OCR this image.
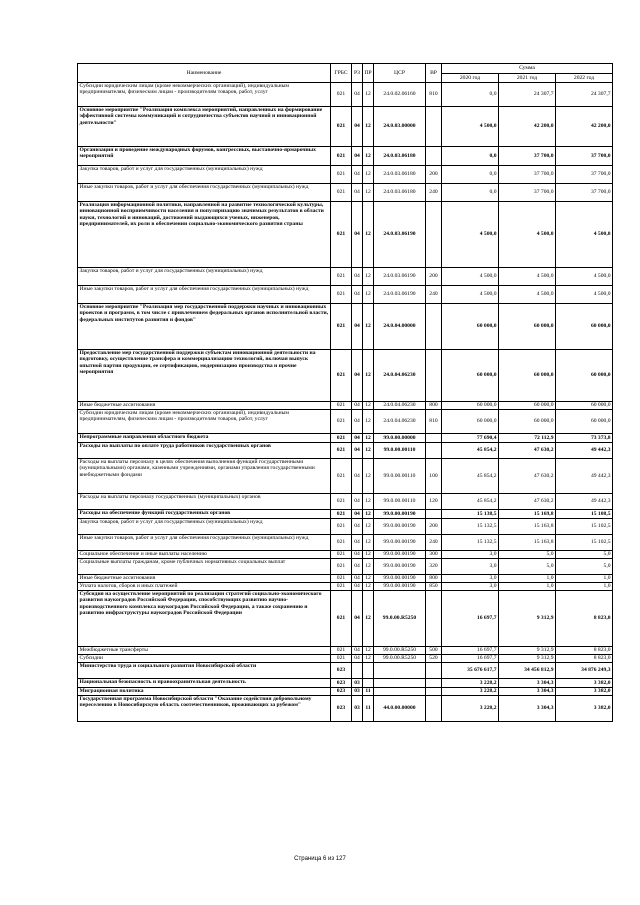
Наименование	ГРБС	РЗ	ПР	ЦСР	ВР	Сумма		
						2020 год	2021 год	2022 год
Субсидии юридическим лицам (кроме некоммерческих организаций), индивидуальным предпринимателям, физическим лицам - производителям товаров, работ, услуг	021	04	12	24.0.02.06160	810	0,0	24 307,7	24 307,7
Основное мероприятие "Реализация комплекса мероприятий, направленных на формирование эффективной системы коммуникаций и сотрудничества субъектов научной и инновационной деятельности"	021	04	12	24.0.03.00000		4 500,0	42 200,0	42 200,0
Организация и проведение международных форумов, конгрессных, выставочно-ярмарочных мероприятий	021	04	12	24.0.03.06180		0,0	37 700,0	37 700,0
Закупка товаров, работ и услуг для государственных (муниципальных) нужд	021	04	12	24.0.03.06180	200	0,0	37 700,0	37 700,0
Иные закупки товаров, работ и услуг для обеспечения государственных (муниципальных) нужд	021	04	12	24.0.03.06180	240	0,0	37 700,0	37 700,0
Реализация информационной политики, направленной на развитие технологической культуры, инновационной восприимчивости населения и популяризацию значимых результатов в области науки, технологий и инноваций, достижений выдающихся ученых, инженеров, предпринимателей, их роли в обеспечении социально-экономического развития страны	021	04	12	24.0.03.06190		4 500,0	4 500,0	4 500,0
Закупка товаров, работ и услуг для государственных (муниципальных) нужд	021	04	12	24.0.03.06190	200	4 500,0	4 500,0	4 500,0
Иные закупки товаров, работ и услуг для обеспечения государственных (муниципальных) нужд	021	04	12	24.0.03.06190	240	4 500,0	4 500,0	4 500,0
Основное мероприятие "Реализация мер государственной поддержки научных и инновационных проектов и программ, в том числе с привлечением федеральных органов исполнительной власти, федеральных институтов развития и фондов"	021	04	12	24.0.04.00000		60 000,0	60 000,0	60 000,0
Предоставление мер государственной поддержки субъектам инновационной деятельности на подготовку, осуществление трансфера и коммерциализацию технологий, включая выпуск опытной партии продукции, ее сертификацию, модернизацию производства и прочие мероприятия	021	04	12	24.0.04.06230		60 000,0	60 000,0	60 000,0
Иные бюджетные ассигнования	021	04	12	24.0.04.06230	800	60 000,0	60 000,0	60 000,0
Субсидии юридическим лицам (кроме некоммерческих организаций), индивидуальным предпринимателям, физическим лицам - производителям товаров, работ, услуг	021	04	12	24.0.04.06230	810	60 000,0	60 000,0	60 000,0
Непрограммные направления областного бюджета	021	04	12	99.0.00.00000		77 690,4	72 112,9	73 373,8
Расходы на выплаты по оплате труда работников государственных органов	021	04	12	99.0.00.00110		45 854,2	47 630,2	49 442,3
Расходы на выплаты персоналу в целях обеспечения выполнения функций государственными (муниципальными) органами, казенными учреждениями, органами управления государственными внебюджетными фондами	021	04	12	99.0.00.00110	100	45 854,2	47 630,2	49 442,3
Расходы на выплаты персоналу государственных (муниципальных) органов	021	04	12	99.0.00.00110	120	45 854,2	47 630,2	49 442,3
Расходы на обеспечение функций государственных органов	021	04	12	99.0.00.00190		15 138,5	15 169,8	15 108,5
Закупка товаров, работ и услуг для государственных (муниципальных) нужд	021	04	12	99.0.00.00190	200	15 132,5	15 163,8	15 102,5
Иные закупки товаров, работ и услуг для обеспечения государственных (муниципальных) нужд	021	04	12	99.0.00.00190	240	15 132,5	15 163,8	15 102,5
Социальное обеспечение и иные выплаты населению	021	04	12	99.0.00.00190	300	3,0	5,0	5,0
Социальные выплаты гражданам, кроме публичных нормативных социальных выплат	021	04	12	99.0.00.00190	320	3,0	5,0	5,0
Иные бюджетные ассигнования	021	04	12	99.0.00.00190	800	3,0	1,0	1,0
Уплата налогов, сборов и иных платежей	021	04	12	99.0.00.00190	850	3,0	1,0	1,0
Субсидия на осуществление мероприятий по реализации стратегий социально-экономического развития наукоградов Российской Федерации, способствующих развитию научно-производственного комплекса наукоградов Российской Федерации, а также сохранению и развитию инфраструктуры наукоградов Российской Федерации	021	04	12	99.0.00.R5250		16 697,7	9 312,9	8 823,0
Межбюджетные трансферты	021	04	12	99.0.00.R5250	500	16 697,7	9 312,9	8 823,0
Субсидии	021	04	12	99.0.00.R5250	520	16 697,7	9 312,9	8 823,0
Министерство труда и социального развития Новосибирской области	023					35 676 617,7	34 456 812,9	34 876 249,3
Национальная безопасность и правоохранительная деятельность	023	03				3 228,2	3 304,3	3 382,0
Миграционная политика	023	03	11			3 228,2	3 304,3	3 382,0
Государственная программа Новосибирской области "Оказание содействия добровольному переселению в Новосибирскую область соотечественников, проживающих за рубежом"	023	03	11	44.0.00.00000		3 228,2	3 304,3	3 382,0
Страница 6 из 127
